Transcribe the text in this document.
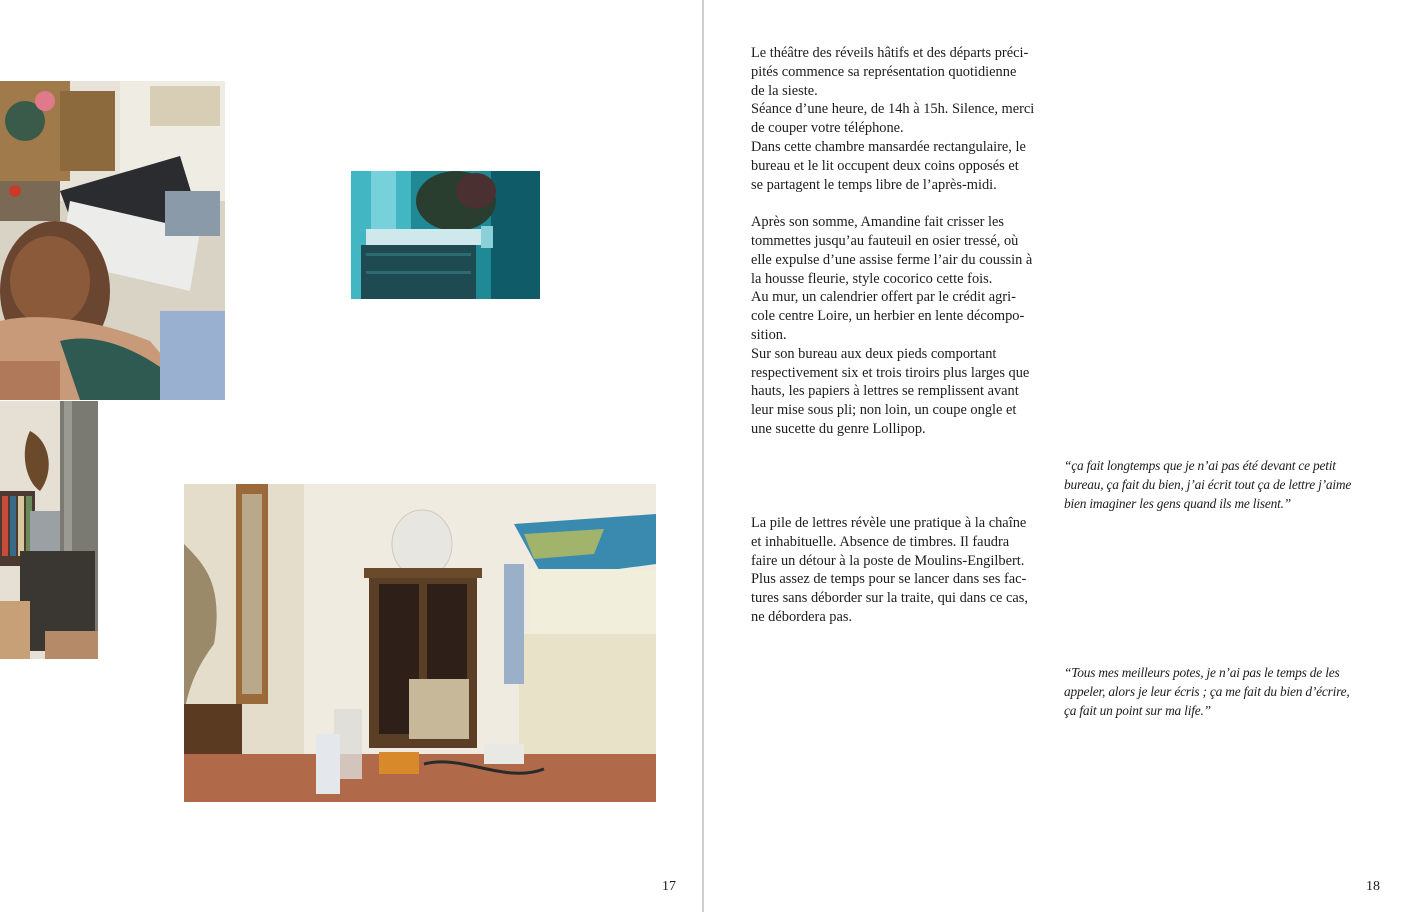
17

Le théâtre des réveils hâtifs et des départs préci-

pités commence sa représentation quotidienne

de la sieste.

Séance d’une heure, de 14h à 15h. Silence, merci

de couper votre téléphone.

Dans cette chambre mansardée rectangulaire, le

bureau et le lit occupent deux coins opposés et

se partagent le temps libre de l’après-midi.

Après son somme, Amandine fait crisser les

tommettes jusqu’au fauteuil en osier tressé, où

elle expulse d’une assise ferme l’air du coussin à

la housse fleurie, style cocorico cette fois.

Au mur, un calendrier offert par le crédit agri-

cole centre Loire, un herbier en lente décompo-

sition.

Sur son bureau aux deux pieds comportant

respectivement six et trois tiroirs plus larges que

hauts, les papiers à lettres se remplissent avant

leur mise sous pli; non loin, un coupe ongle et

une sucette du genre Lollipop.

“ça fait longtemps que je n’ai pas été devant ce petit

bureau, ça fait du bien, j’ai écrit tout ça de lettre j’aime

bien imaginer les gens quand ils me lisent.”

La pile de lettres révèle une pratique à la chaîne

et inhabituelle. Absence de timbres. Il faudra

faire un détour à la poste de Moulins-Engilbert.

Plus assez de temps pour se lancer dans ses fac-

tures sans déborder sur la traite, qui dans ce cas,

ne débordera pas.

“Tous mes meilleurs potes, je n’ai pas le temps de les

appeler, alors je leur écris ; ça me fait du bien d’écrire,

ça fait un point sur ma life.”

18
